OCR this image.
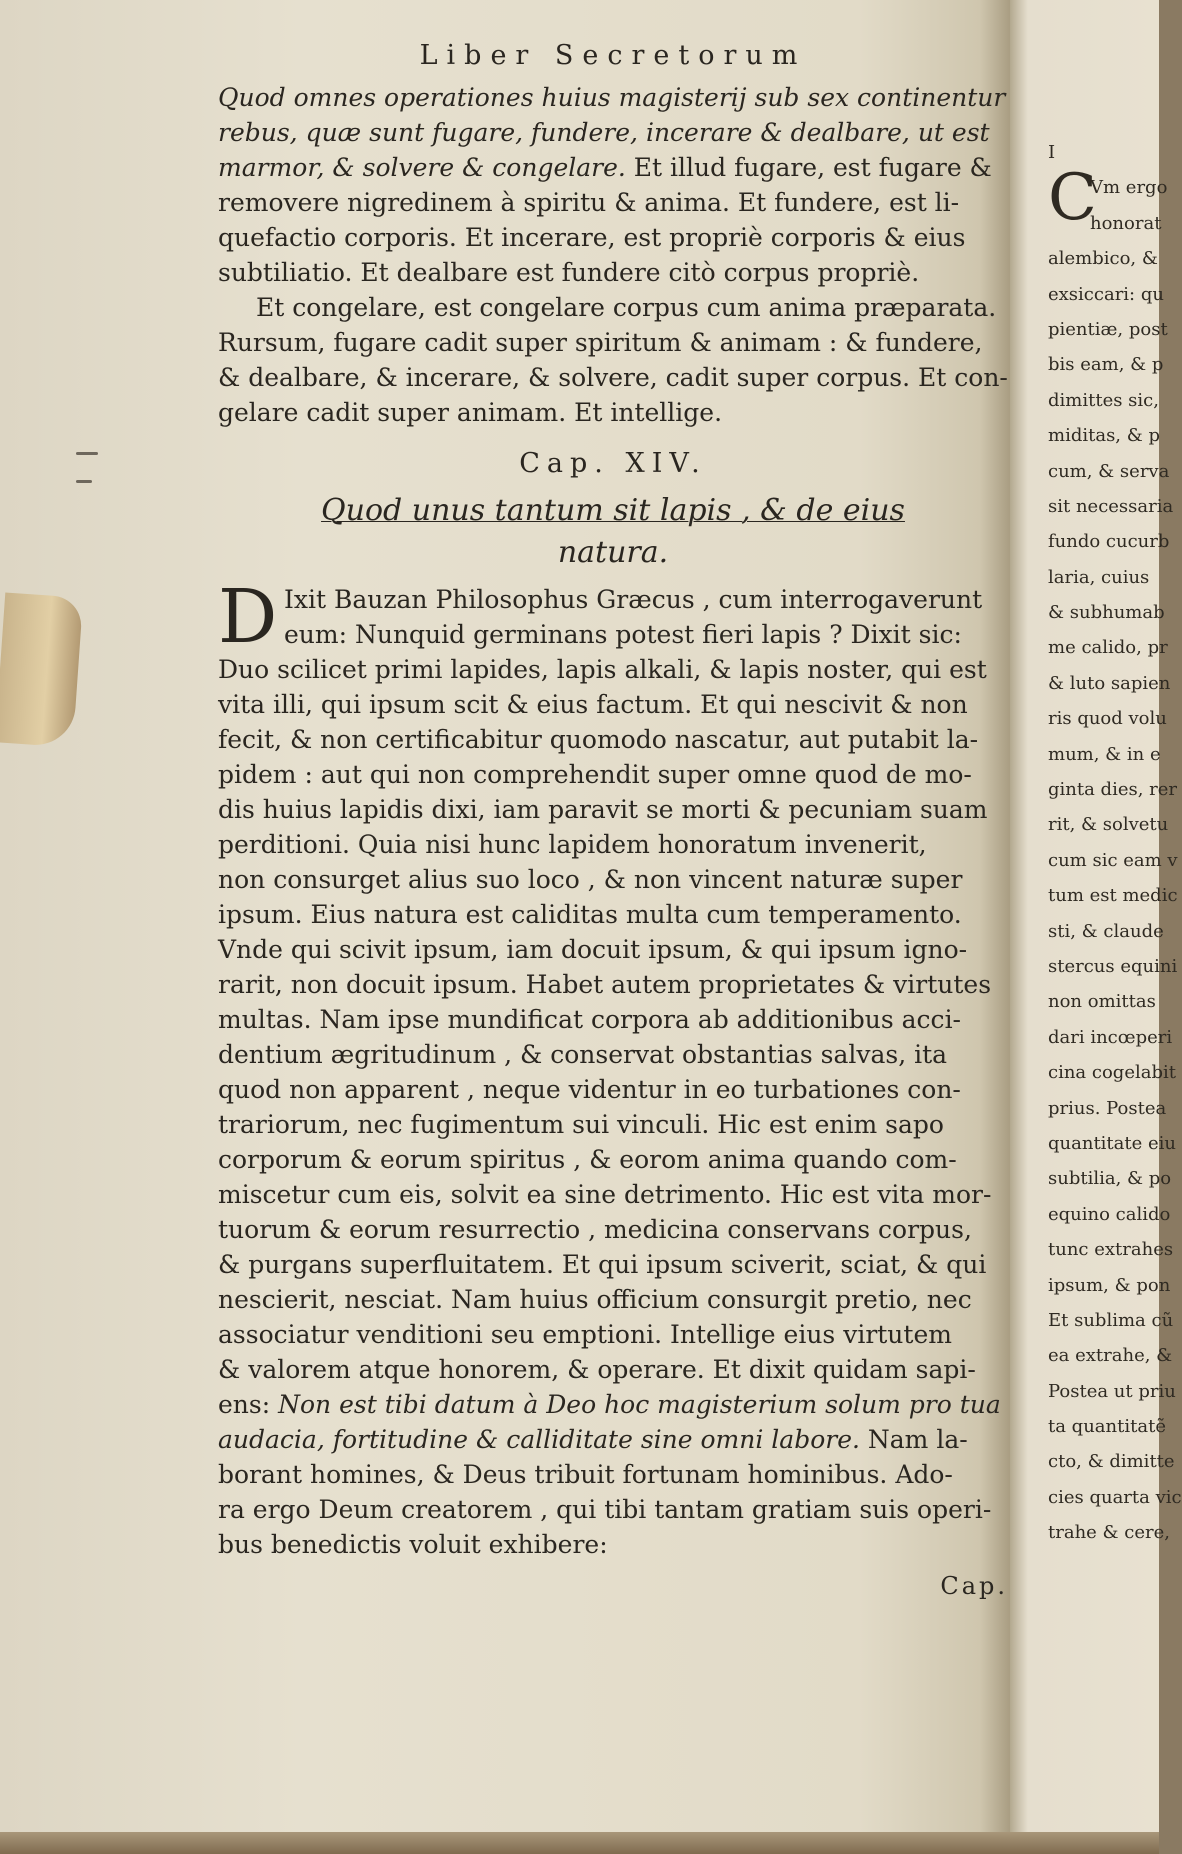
Liber Secretorum
Quod omnes operationes huius magisterij sub sex continentur
rebus, quæ sunt fugare, fundere, incerare & dealbare, ut est
marmor, & solvere & congelare. Et illud fugare, est fugare &
removere nigredinem à spiritu & anima. Et fundere, est li-
quefactio corporis. Et incerare, est propriè corporis & eius
subtiliatio. Et dealbare est fundere citò corpus propriè.
Et congelare, est congelare corpus cum anima præparata.
Rursum, fugare cadit super spiritum & animam : & fundere,
& dealbare, & incerare, & solvere, cadit super corpus. Et con-
gelare cadit super animam. Et intellige.
Cap. XIV.
Quod unus tantum sit lapis , & de eius
natura.
D Ixit Bauzan Philosophus Græcus , cum interrogaverunt
eum: Nunquid germinans potest fieri lapis ? Dixit sic:
Duo scilicet primi lapides, lapis alkali, & lapis noster, qui est
vita illi, qui ipsum scit & eius factum. Et qui nescivit & non
fecit, & non certificabitur quomodo nascatur, aut putabit la-
pidem : aut qui non comprehendit super omne quod de mo-
dis huius lapidis dixi, iam paravit se morti & pecuniam suam
perditioni. Quia nisi hunc lapidem honoratum invenerit,
non consurget alius suo loco , & non vincent naturæ super
ipsum. Eius natura est caliditas multa cum temperamento.
Vnde qui scivit ipsum, iam docuit ipsum, & qui ipsum igno-
rarit, non docuit ipsum. Habet autem proprietates & virtutes
multas. Nam ipse mundificat corpora ab additionibus acci-
dentium ægritudinum , & conservat obstantias salvas, ita
quod non apparent , neque videntur in eo turbationes con-
trariorum, nec fugimentum sui vinculi. Hic est enim sapo
corporum & eorum spiritus , & eorom anima quando com-
miscetur cum eis, solvit ea sine detrimento. Hic est vita mor-
tuorum & eorum resurrectio , medicina conservans corpus,
& purgans superfluitatem. Et qui ipsum sciverit, sciat, & qui
nescierit, nesciat. Nam huius officium consurgit pretio, nec
associatur venditioni seu emptioni. Intellige eius virtutem
& valorem atque honorem, & operare. Et dixit quidam sapi-
ens: Non est tibi datum à Deo hoc magisterium solum pro tua
audacia, fortitudine & calliditate sine omni labore. Nam la-
borant homines, & Deus tribuit fortunam hominibus. Ado-
ra ergo Deum creatorem , qui tibi tantam gratiam suis operi-
bus benedictis voluit exhibere:
Cap.
C
I
Vm ergo
honorat
alembico, &
exsiccari: qu
pientiæ, post
bis eam, & p
dimittes sic,
miditas, & p
cum, & serva
sit necessaria
fundo cucurb
laria, cuius
& subhumab
me calido, pr
& luto sapien
ris quod volu
mum, & in e
ginta dies, rer
rit, & solvetu
cum sic eam v
tum est medic
sti, & claude
stercus equini
non omittas
dari incœperi
cina cogelabit
prius. Postea
quantitate eiu
subtilia, & po
equino calido
tunc extrahes
ipsum, & pon
Et sublima cũ
ea extrahe, &
Postea ut priu
ta quantitatẽ
cto, & dimitte
cies quarta vic
trahe & cere,
